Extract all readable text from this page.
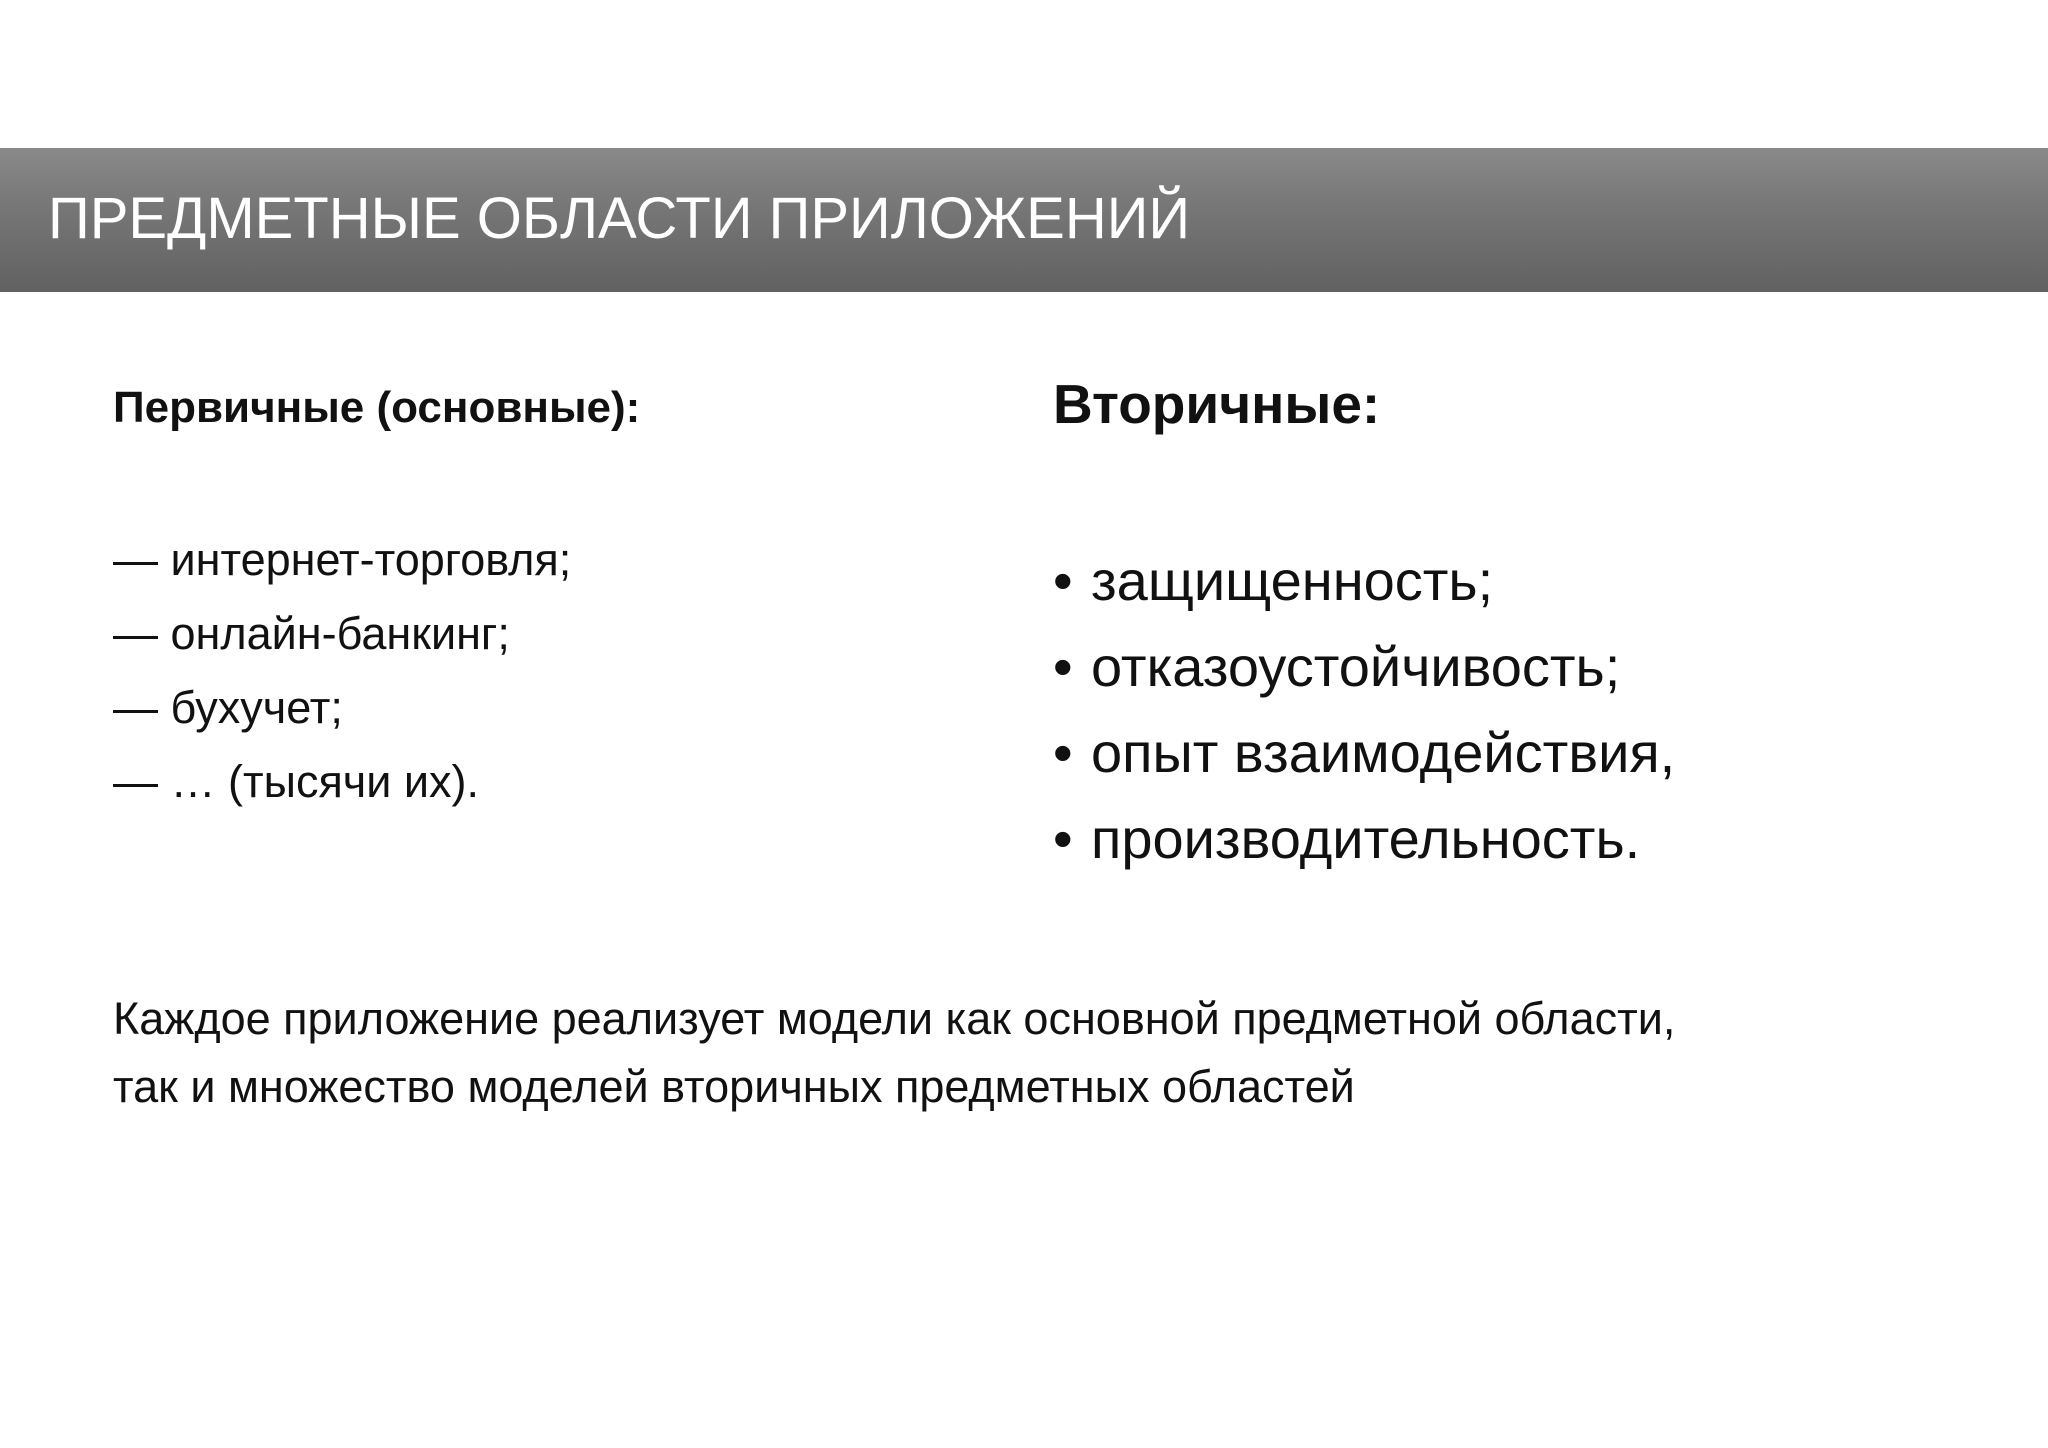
ПРЕДМЕТНЫЕ ОБЛАСТИ ПРИЛОЖЕНИЙ
Первичные (основные):
— интернет-торговля;
— онлайн-банкинг;
— бухучет;
— … (тысячи их).
Вторичные:
• защищенность;
• отказоустойчивость;
• опыт взаимодействия,
• производительность.
Каждое приложение реализует модели как основной предметной области,
так и множество моделей вторичных предметных областей
